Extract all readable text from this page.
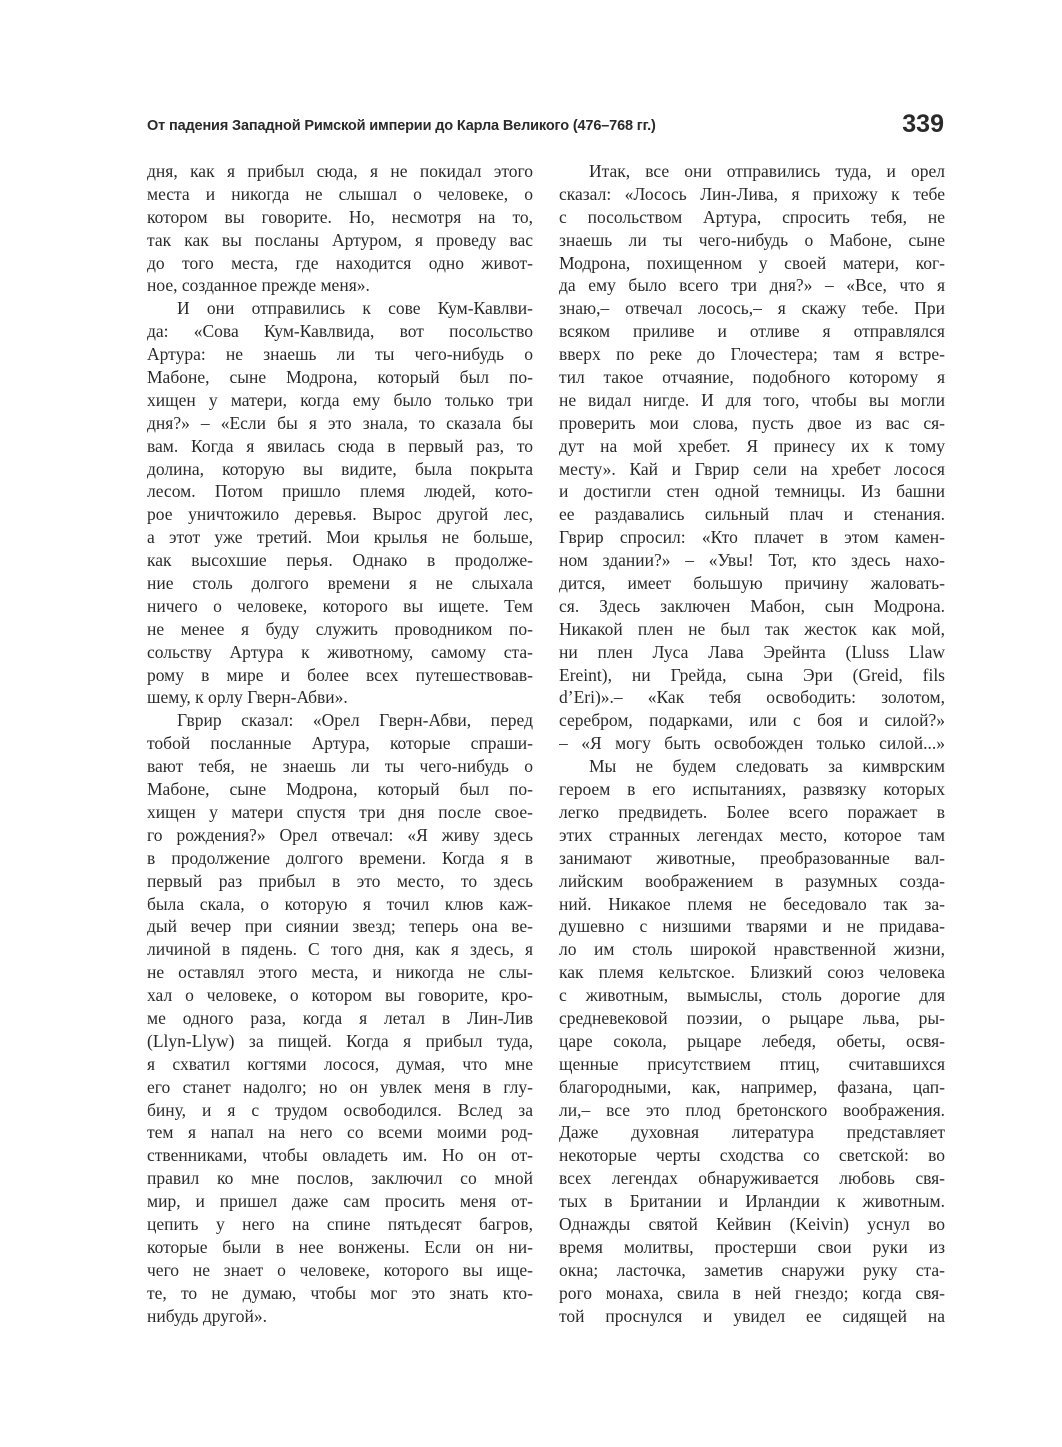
От падения Западной Римской империи до Карла Великого (476–768 гг.)	339
дня, как я прибыл сюда, я не покидал этого
места и никогда не слышал о человеке, о
котором вы говорите. Но, несмотря на то,
так как вы посланы Артуром, я проведу вас
до того места, где находится одно живот-
ное, созданное прежде меня».
И они отправились к сове Кум-Кавлви-
да: «Сова Кум-Кавлвида, вот посольство
Артура: не знаешь ли ты чего-нибудь о
Мабоне, сыне Модрона, который был по-
хищен у матери, когда ему было только три
дня?» – «Если бы я это знала, то сказала бы
вам. Когда я явилась сюда в первый раз, то
долина, которую вы видите, была покрыта
лесом. Потом пришло племя людей, кото-
рое уничтожило деревья. Вырос другой лес,
а этот уже третий. Мои крылья не больше,
как высохшие перья. Однако в продолже-
ние столь долгого времени я не слыхала
ничего о человеке, которого вы ищете. Тем
не менее я буду служить проводником по-
сольству Артура к животному, самому ста-
рому в мире и более всех путешествовав-
шему, к орлу Гверн-Абви».
Гврир сказал: «Орел Гверн-Абви, перед
тобой посланные Артура, которые спраши-
вают тебя, не знаешь ли ты чего-нибудь о
Мабоне, сыне Модрона, который был по-
хищен у матери спустя три дня после свое-
го рождения?» Орел отвечал: «Я живу здесь
в продолжение долгого времени. Когда я в
первый раз прибыл в это место, то здесь
была скала, о которую я точил клюв каж-
дый вечер при сиянии звезд; теперь она ве-
личиной в пядень. С того дня, как я здесь, я
не оставлял этого места, и никогда не слы-
хал о человеке, о котором вы говорите, кро-
ме одного раза, когда я летал в Лин-Лив
(Llyn-Llyw) за пищей. Когда я прибыл туда,
я схватил когтями лосося, думая, что мне
его станет надолго; но он увлек меня в глу-
бину, и я с трудом освободился. Вслед за
тем я напал на него со всеми моими род-
ственниками, чтобы овладеть им. Но он от-
правил ко мне послов, заключил со мной
мир, и пришел даже сам просить меня от-
цепить у него на спине пятьдесят багров,
которые были в нее вонжены. Если он ни-
чего не знает о человеке, которого вы ище-
те, то не думаю, чтобы мог это знать кто-
нибудь другой».
Итак, все они отправились туда, и орел
сказал: «Лосось Лин-Лива, я прихожу к тебе
с посольством Артура, спросить тебя, не
знаешь ли ты чего-нибудь о Мабоне, сыне
Модрона, похищенном у своей матери, ког-
да ему было всего три дня?» – «Все, что я
знаю,– отвечал лосось,– я скажу тебе. При
всяком приливе и отливе я отправлялся
вверх по реке до Глочестера; там я встре-
тил такое отчаяние, подобного которому я
не видал нигде. И для того, чтобы вы могли
проверить мои слова, пусть двое из вас ся-
дут на мой хребет. Я принесу их к тому
месту». Кай и Гврир сели на хребет лосося
и достигли стен одной темницы. Из башни
ее раздавались сильный плач и стенания.
Гврир спросил: «Кто плачет в этом камен-
ном здании?» – «Увы! Тот, кто здесь нахо-
дится, имеет большую причину жаловать-
ся. Здесь заключен Мабон, сын Модрона.
Никакой плен не был так жесток как мой,
ни плен Луса Лава Эрейнта (Lluss Llaw
Ereint), ни Грейда, сына Эри (Greid, fils
d’Eri)».– «Как тебя освободить: золотом,
серебром, подарками, или с боя и силой?»
– «Я могу быть освобожден только силой...»
Мы не будем следовать за кимврским
героем в его испытаниях, развязку которых
легко предвидеть. Более всего поражает в
этих странных легендах место, которое там
занимают животные, преобразованные вал-
лийским воображением в разумных созда-
ний. Никакое племя не беседовало так за-
душевно с низшими тварями и не придава-
ло им столь широкой нравственной жизни,
как племя кельтское. Близкий союз человека
с животным, вымыслы, столь дорогие для
средневековой поэзии, о рыцаре льва, ры-
царе сокола, рыцаре лебедя, обеты, освя-
щенные присутствием птиц, считавшихся
благородными, как, например, фазана, цап-
ли,– все это плод бретонского воображения.
Даже духовная литература представляет
некоторые черты сходства со светской: во
всех легендах обнаруживается любовь свя-
тых в Британии и Ирландии к животным.
Однажды святой Кейвин (Keivin) уснул во
время молитвы, простерши свои руки из
окна; ласточка, заметив снаружи руку ста-
рого монаха, свила в ней гнездо; когда свя-
той проснулся и увидел ее сидящей на
